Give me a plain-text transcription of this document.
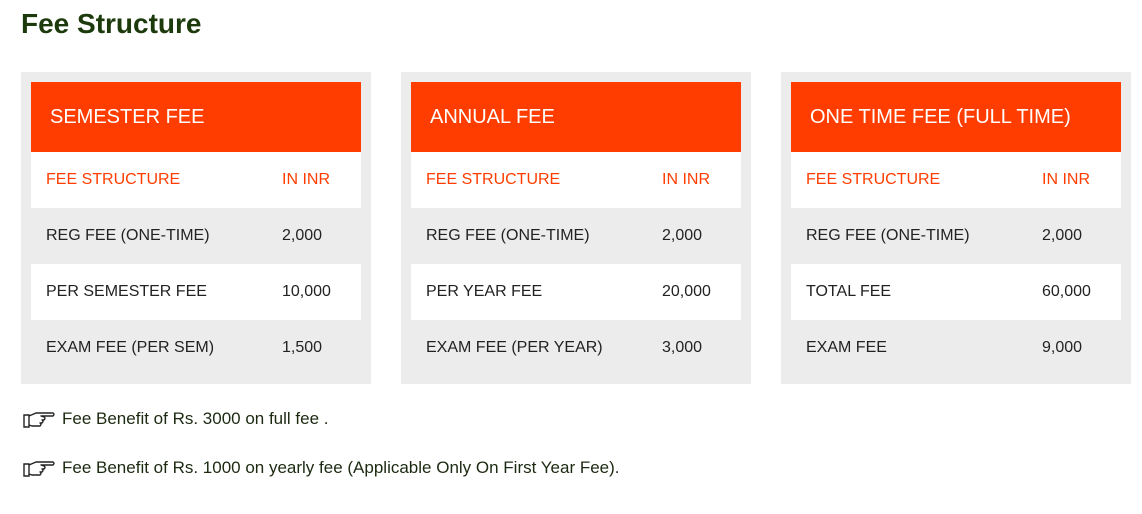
Fee Structure
SEMESTER FEE
FEE STRUCTURE	IN INR
REG FEE (ONE-TIME)	2,000
PER SEMESTER FEE	10,000
EXAM FEE (PER SEM)	1,500
ANNUAL FEE
FEE STRUCTURE	IN INR
REG FEE (ONE-TIME)	2,000
PER YEAR FEE	20,000
EXAM FEE (PER YEAR)	3,000
ONE TIME FEE (FULL TIME)
FEE STRUCTURE	IN INR
REG FEE (ONE-TIME)	2,000
TOTAL FEE	60,000
EXAM FEE	9,000
Fee Benefit of Rs. 3000 on full fee .
Fee Benefit of Rs. 1000 on yearly fee (Applicable Only On First Year Fee).
